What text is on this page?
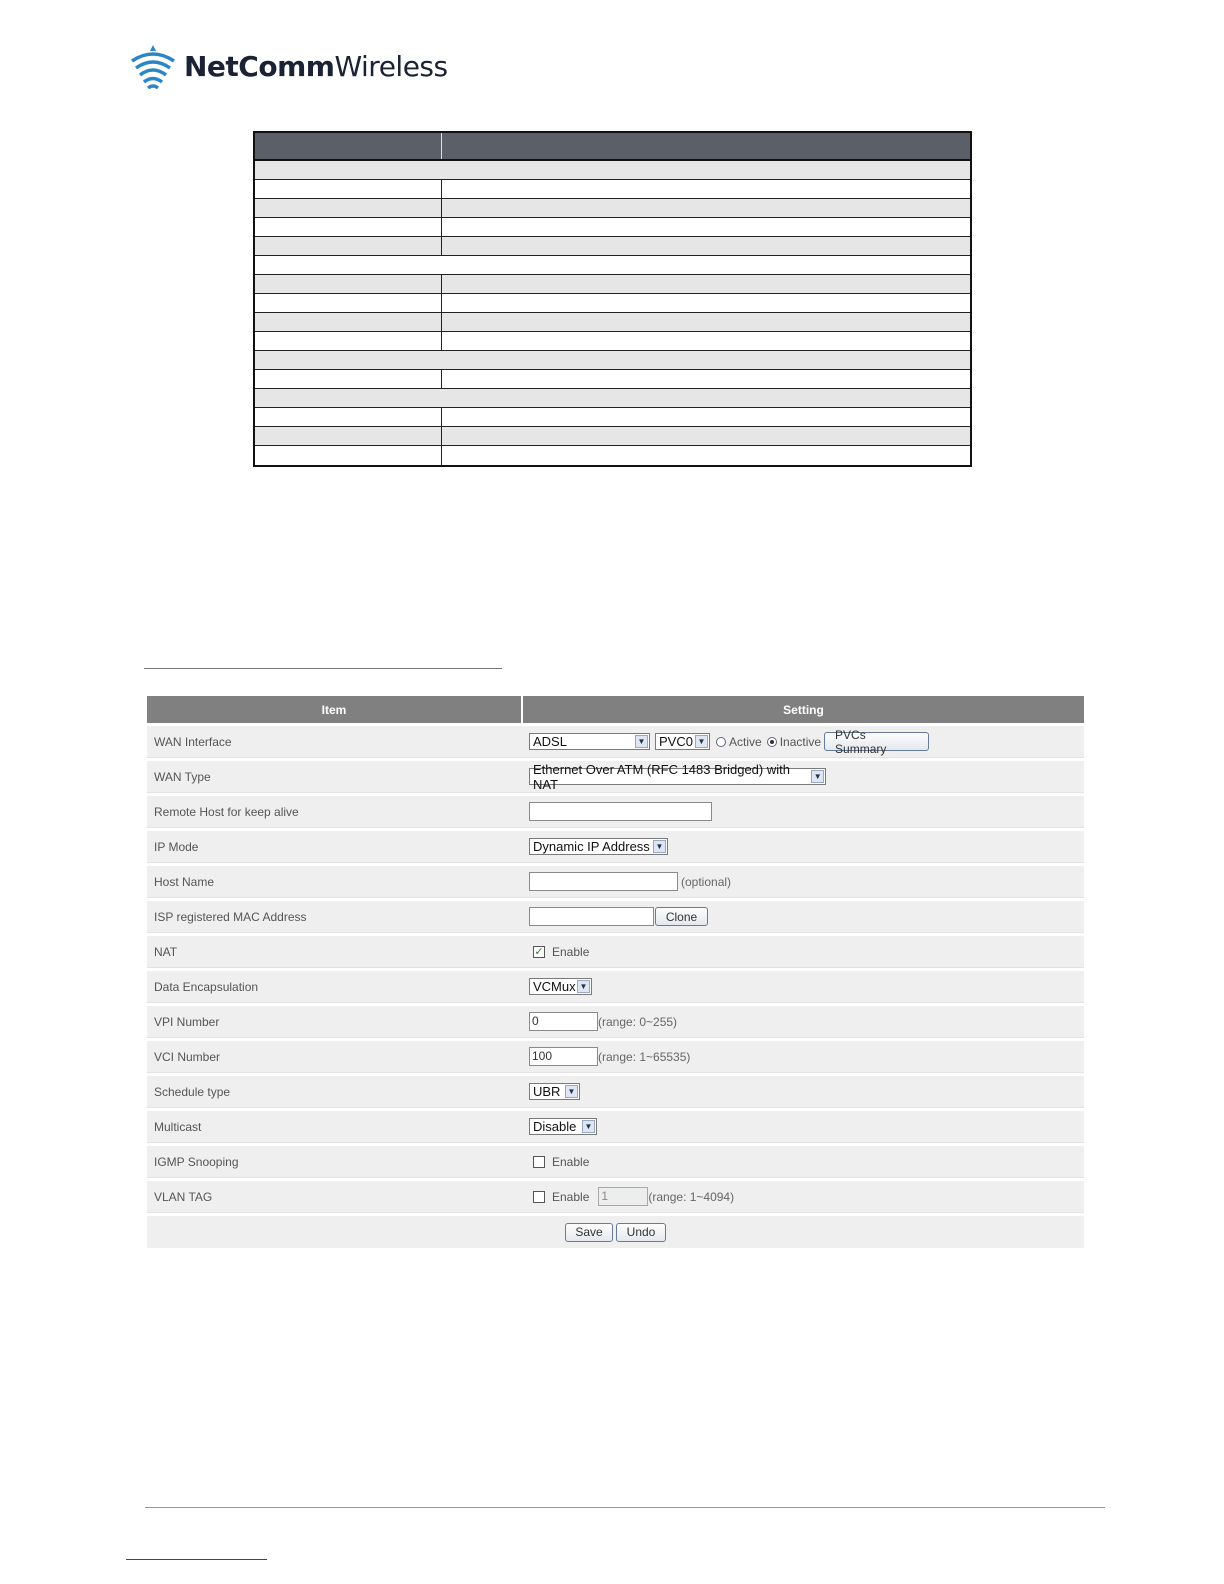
NetCommWireless
Item	Setting
WAN Interface	ADSL	▼ PVC0 ▼ Active Inactive	PVCs Summary
WAN Type	Ethernet Over ATM (RFC 1483 Bridged) with NAT	▼
Remote Host for keep alive
IP Mode	Dynamic IP Address ▼
Host Name	(optional)
ISP registered MAC Address	Clone
NAT	✓ Enable
Data Encapsulation	VCMux ▼
VPI Number	0	(range: 0~255)
VCI Number	100	(range: 1~65535)
Schedule type	UBR ▼
Multicast	Disable	▼
IGMP Snooping	Enable
VLAN TAG	Enable 1	(range: 1~4094)
Save	Undo
